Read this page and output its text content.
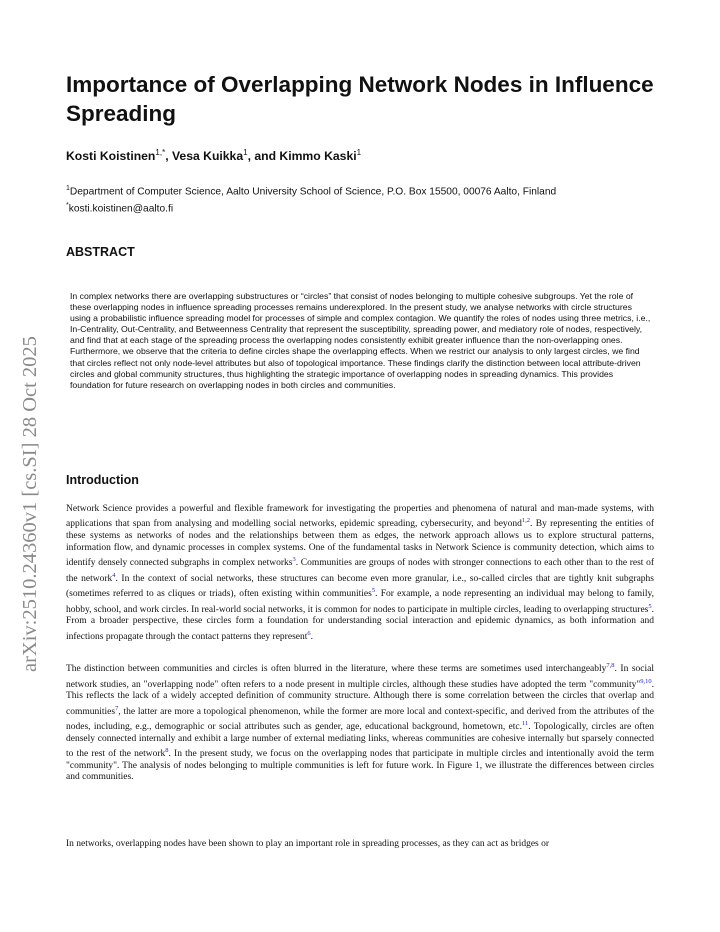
arXiv:2510.24360v1 [cs.SI] 28 Oct 2025
Importance of Overlapping Network Nodes in Influence Spreading
Kosti Koistinen$^{1,*}$, Vesa Kuikka$^1$, and Kimmo Kaski$^1$
$^1$Department of Computer Science, Aalto University School of Science, P.O. Box 15500, 00076 Aalto, Finland
*kosti.koistinen@aalto.fi
ABSTRACT

In complex networks there are overlapping substructures or “circles” that consist of nodes belonging to multiple cohesive subgroups. Yet the role of these overlapping nodes in influence spreading processes remains underexplored. In the present study, we analyse networks with circle structures using a probabilistic influence spreading model for processes of simple and complex contagion. We quantify the roles of nodes using three metrics, i.e., In-Centrality, Out-Centrality, and Betweenness Centrality that represent the susceptibility, spreading power, and mediatory role of nodes, respectively, and find that at each stage of the spreading process the overlapping nodes consistently exhibit greater influence than the non-overlapping ones. Furthermore, we observe that the criteria to define circles shape the overlapping effects. When we restrict our analysis to only largest circles, we find that circles reflect not only node-level attributes but also of topological importance. These findings clarify the distinction between local attribute-driven circles and global community structures, thus highlighting the strategic importance of overlapping nodes in spreading dynamics. This provides foundation for future research on overlapping nodes in both circles and communities.

Introduction

Network Science provides a powerful and flexible framework for investigating the properties and phenomena of natural and man-made systems, with applications that span from analysing and modelling social networks, epidemic spreading, cybersecurity, and beyond$^{1,2}$. By representing the entities of these systems as networks of nodes and the relationships between them as edges, the network approach allows us to explore structural patterns, information flow, and dynamic processes in complex systems. One of the fundamental tasks in Network Science is community detection, which aims to identify densely connected subgraphs in complex networks$^3$. Communities are groups of nodes with stronger connections to each other than to the rest of the network$^4$. In the context of social networks, these structures can become even more granular, i.e., so-called circles that are tightly knit subgraphs (sometimes referred to as cliques or triads), often existing within communities$^5$. For example, a node representing an individual may belong to family, hobby, school, and work circles. In real-world social networks, it is common for nodes to participate in multiple circles, leading to overlapping structures$^5$. From a broader perspective, these circles form a foundation for understanding social interaction and epidemic dynamics, as both information and infections propagate through the contact patterns they represent$^6$.

The distinction between communities and circles is often blurred in the literature, where these terms are sometimes used interchangeably$^{7,8}$. In social network studies, an "overlapping node" often refers to a node present in multiple circles, although these studies have adopted the term "community"$^{9,10}$. This reflects the lack of a widely accepted definition of community structure. Although there is some correlation between the circles that overlap and communities$^7$, the latter are more a topological phenomenon, while the former are more local and context-specific, and derived from the attributes of the nodes, including, e.g., demographic or social attributes such as gender, age, educational background, hometown, etc.$^{11}$. Topologically, circles are often densely connected internally and exhibit a large number of external mediating links, whereas communities are cohesive internally but sparsely connected to the rest of the network$^8$. In the present study, we focus on the overlapping nodes that participate in multiple circles and intentionally avoid the term "community". The analysis of nodes belonging to multiple communities is left for future work. In Figure 1, we illustrate the differences between circles and communities.

In networks, overlapping nodes have been shown to play an important role in spreading processes, as they can act as bridges or
